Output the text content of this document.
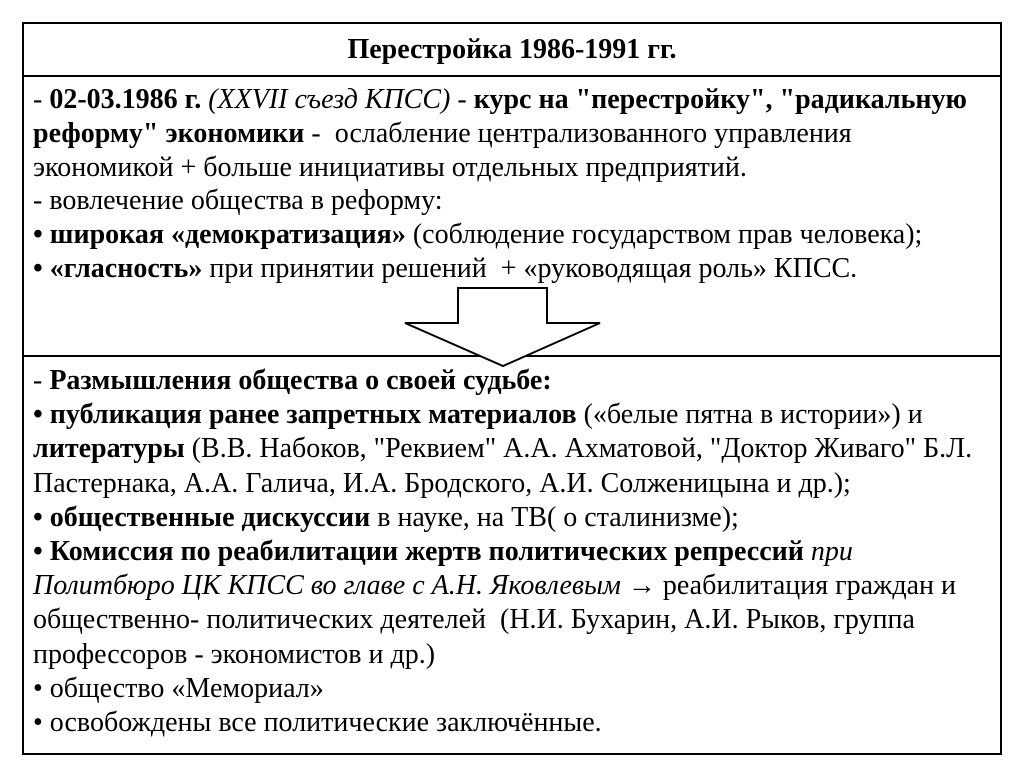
Перестройка 1986-1991 гг.
-  02-03.1986 г.  (XXVII съезд КПСС)  -  курс на "перестройку", "радикальную
реформу" экономики  -  ослабление централизованного управления
экономикой + больше инициативы отдельных предприятий.
- вовлечение общества в реформу:
• широкая «демократизация»  (соблюдение государством прав человека);
• «гласность»  при принятии решений  + «руководящая роль» КПСС.
-  Размышления общества о своей судьбе:
• публикация ранее запретных материалов  («белые пятна в истории») и
литературы  (В.В. Набоков, "Реквием" А.А. Ахматовой, "Доктор Живаго" Б.Л.
Пастернака, А.А. Галича, И.А. Бродского, А.И. Солженицына и др.);
• общественные дискуссии  в науке, на ТВ( о сталинизме);
• Комиссия по реабилитации жертв политических репрессий  при
Политбюро ЦК КПСС во главе с А.Н. Яковлевым  → реабилитация граждан и
общественно- политических деятелей  (Н.И. Бухарин, А.И. Рыков, группа
профессоров - экономистов и др.)
• общество «Мемориал»
• освобождены все политические заключённые.
